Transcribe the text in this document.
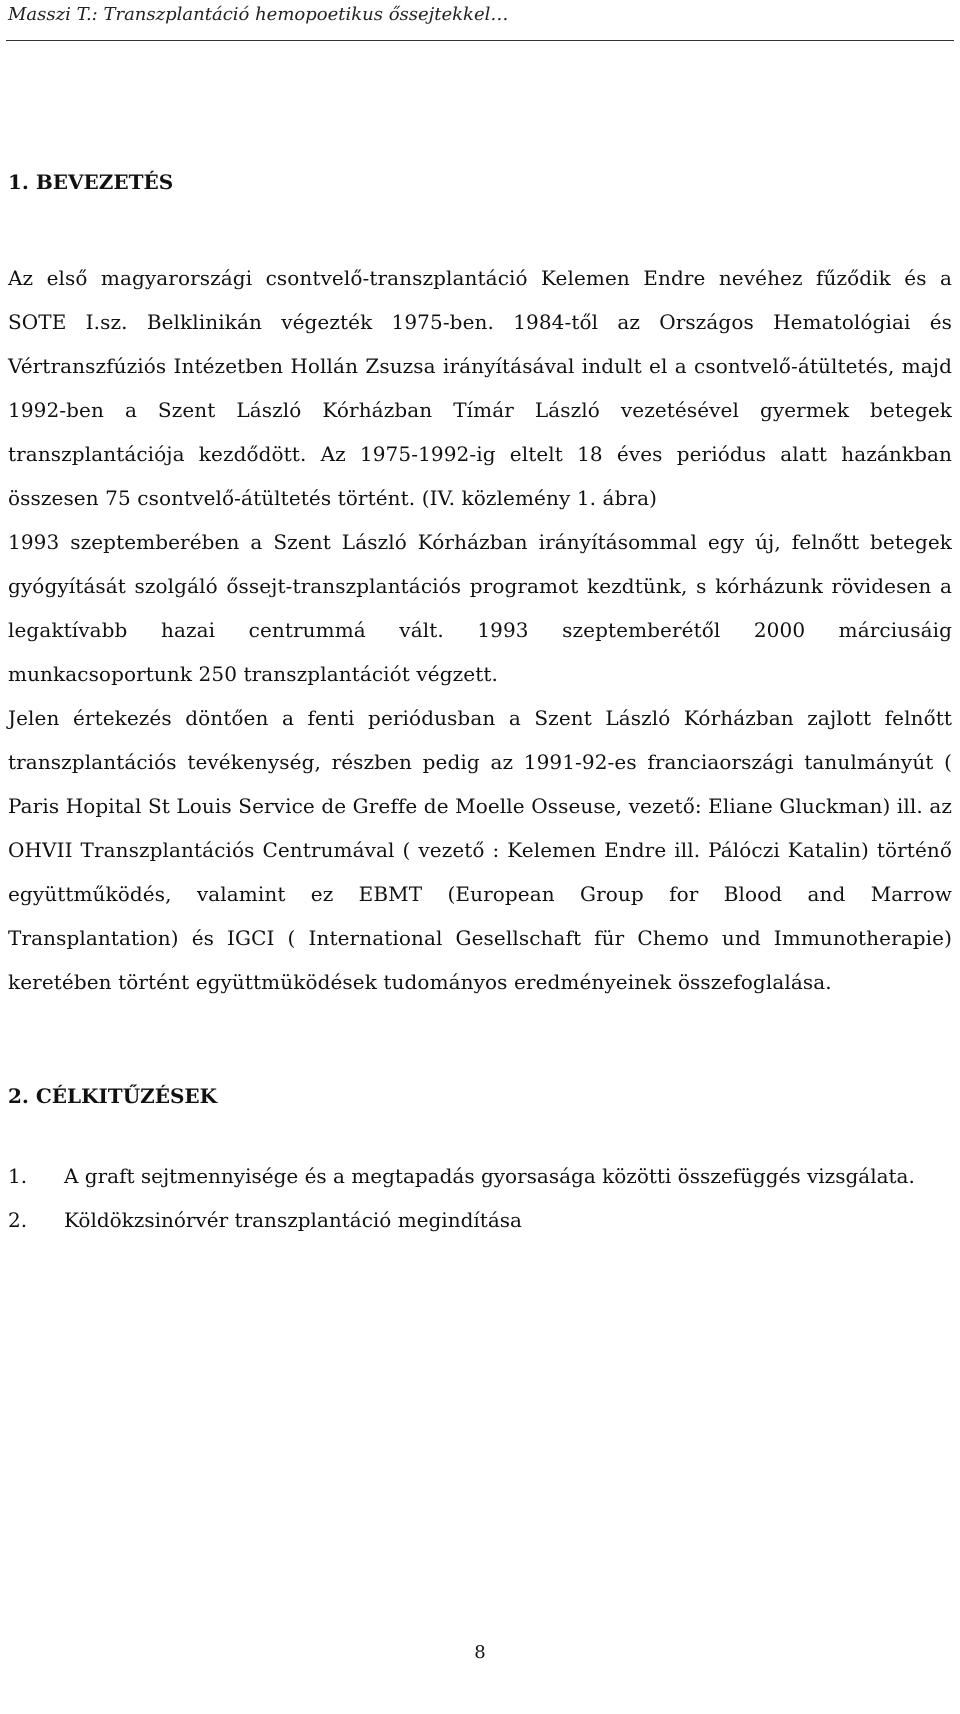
Masszi T.: Transzplantáció hemopoetikus őssejtekkel…
1. BEVEZETÉS

Az első magyarországi csontvelő-transzplantáció Kelemen Endre nevéhez fűződik és a SOTE I.sz. Belklinikán végezték 1975-ben. 1984-től az Országos Hematológiai és Vértranszfúziós Intézetben Hollán Zsuzsa irányításával indult el a csontvelő-átültetés, majd 1992-ben a Szent László Kórházban Tímár László vezetésével gyermek betegek transzplantációja kezdődött. Az 1975-1992-ig eltelt 18 éves periódus alatt hazánkban összesen 75 csontvelő-átültetés történt. (IV. közlemény 1. ábra)

1993 szeptemberében a Szent László Kórházban irányításommal egy új, felnőtt betegek gyógyítását szolgáló őssejt-transzplantációs programot kezdtünk, s kórházunk rövidesen a legaktívabb hazai centrummá vált. 1993 szeptemberétől 2000 márciusáig munkacsoportunk 250 transzplantációt végzett.

Jelen értekezés döntően a fenti periódusban a Szent László Kórházban zajlott felnőtt transzplantációs tevékenység, részben pedig az 1991-92-es franciaországi tanulmányút ( Paris Hopital St Louis Service de Greffe de Moelle Osseuse, vezető: Eliane Gluckman) ill. az OHVII Transzplantációs Centrumával ( vezető : Kelemen Endre ill. Pálóczi Katalin) történő együttműködés, valamint ez EBMT (European Group for Blood and Marrow Transplantation) és IGCI ( International Gesellschaft für Chemo und Immunotherapie) keretében történt együttmüködések tudományos eredményeinek összefoglalása.

2. CÉLKITŰZÉSEK
1.	A graft sejtmennyisége és a megtapadás gyorsasága közötti összefüggés vizsgálata.
2.	Köldökzsinórvér transzplantáció megindítása
8
